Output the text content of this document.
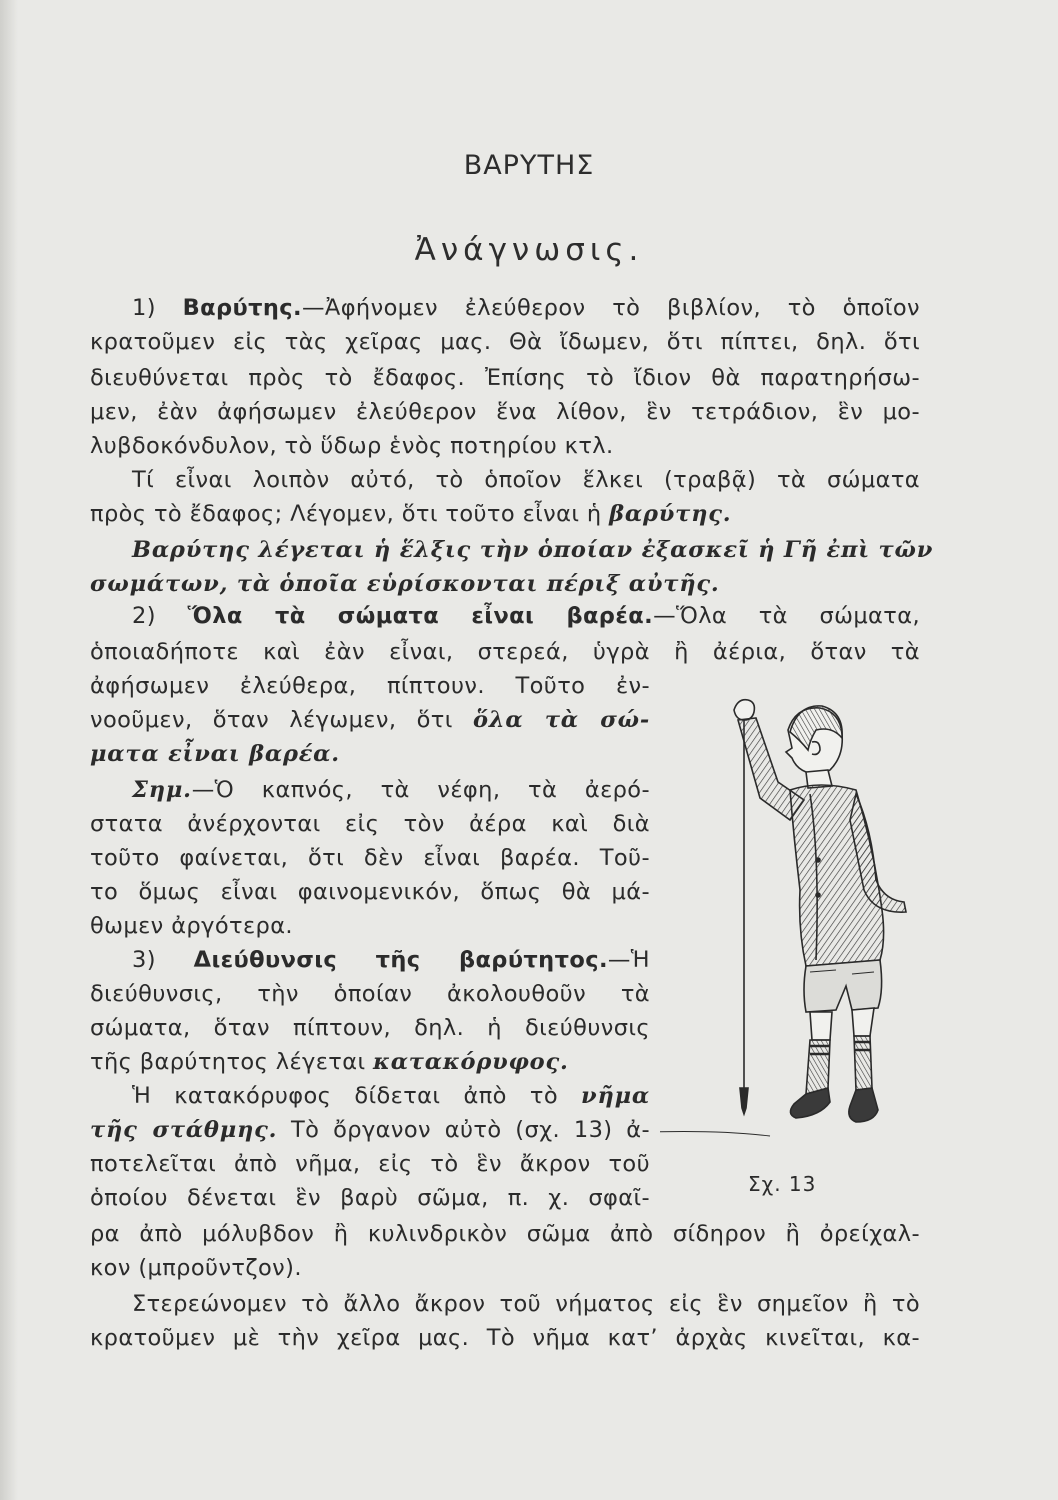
ΒΑΡΥΤΗΣ
Ἀνάγνωσις.
1) Βαρύτης.—Ἀφήνομεν ἐλεύθερον τὸ βιβλίον, τὸ ὁποῖον
κρατοῦμεν εἰς τὰς χεῖρας μας. Θὰ ἴδωμεν, ὅτι πίπτει, δηλ. ὅτι
διευθύνεται πρὸς τὸ ἔδαφος. Ἐπίσης τὸ ἴδιον θὰ παρατηρήσω-
μεν, ἐὰν ἀφήσωμεν ἐλεύθερον ἕνα λίθον, ἓν τετράδιον, ἓν μο-
λυβδοκόνδυλον, τὸ ὕδωρ ἑνὸς ποτηρίου κτλ.
Τί εἶναι λοιπὸν αὐτό, τὸ ὁποῖον ἕλκει (τραβᾷ) τὰ σώματα
πρὸς τὸ ἔδαφος; Λέγομεν, ὅτι τοῦτο εἶναι ἡ βαρύτης.
Βαρύτης λέγεται ἡ ἕλξις τὴν ὁποίαν ἐξασκεῖ ἡ Γῆ ἐπὶ τῶν
σωμάτων, τὰ ὁποῖα εὑρίσκονται πέριξ αὐτῆς.
2) Ὅλα τὰ σώματα εἶναι βαρέα.—Ὅλα τὰ σώματα,
ὁποιαδήποτε καὶ ἐὰν εἶναι, στερεά, ὑγρὰ ἢ ἀέρια, ὅταν τὰ
ἀφήσωμεν ἐλεύθερα, πίπτουν. Τοῦτο ἐν-
νοοῦμεν, ὅταν λέγωμεν, ὅτι ὅλα τὰ σώ-
ματα εἶναι βαρέα.
Σημ.—Ὁ καπνός, τὰ νέφη, τὰ ἀερό-
στατα ἀνέρχονται εἰς τὸν ἀέρα καὶ διὰ
τοῦτο φαίνεται, ὅτι δὲν εἶναι βαρέα. Τοῦ-
το ὅμως εἶναι φαινομενικόν, ὅπως θὰ μά-
θωμεν ἀργότερα.
3) Διεύθυνσις τῆς βαρύτητος.—Ἡ
διεύθυνσις, τὴν ὁποίαν ἀκολουθοῦν τὰ
σώματα, ὅταν πίπτουν, δηλ. ἡ διεύθυνσις
τῆς βαρύτητος λέγεται κατακόρυφος.
Ἡ κατακόρυφος δίδεται ἀπὸ τὸ νῆμα
τῆς στάθμης. Τὸ ὄργανον αὐτὸ (σχ. 13) ἀ-
ποτελεῖται ἀπὸ νῆμα, εἰς τὸ ἓν ἄκρον τοῦ
ὁποίου δένεται ἓν βαρὺ σῶμα, π. χ. σφαῖ-
ρα ἀπὸ μόλυβδον ἢ κυλινδρικὸν σῶμα ἀπὸ σίδηρον ἢ ὀρείχαλ-
κον (μπροῦντζον).
Στερεώνομεν τὸ ἄλλο ἄκρον τοῦ νήματος εἰς ἓν σημεῖον ἢ τὸ
κρατοῦμεν μὲ τὴν χεῖρα μας. Τὸ νῆμα κατ’ ἀρχὰς κινεῖται, κα-
Σχ. 13
